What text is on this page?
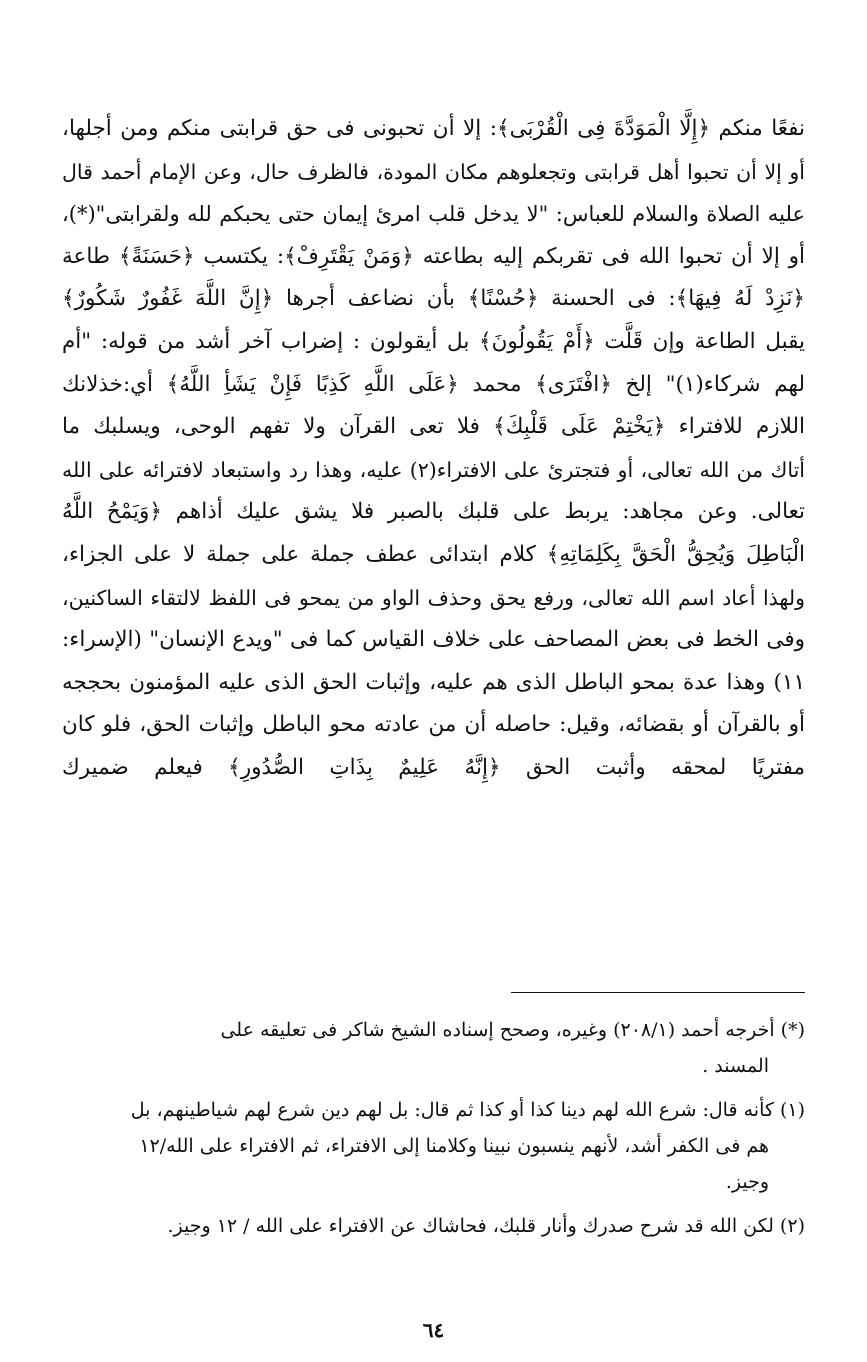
نفعًا منكم ﴿إِلَّا الْمَوَدَّةَ فِى الْقُرْبَى﴾: إلا أن تحبونى فى حق قرابتى منكم ومن أجلها،
أو إلا أن تحبوا أهل قرابتى وتجعلوهم مكان المودة، فالظرف حال، وعن الإمام أحمد قال
عليه الصلاة والسلام للعباس: "لا يدخل قلب امرئ إيمان حتى يحبكم لله ولقرابتى"(*)،
أو إلا أن تحبوا الله فى تقربكم إليه بطاعته ﴿وَمَنْ يَقْتَرِفْ﴾: يكتسب ﴿حَسَنَةً﴾ طاعة
﴿نَزِدْ لَهُ فِيهَا﴾: فى الحسنة ﴿حُسْنًا﴾ بأن نضاعف أجرها ﴿إِنَّ اللَّهَ غَفُورٌ شَكُورٌ﴾
يقبل الطاعة وإن قَلَّت ﴿أَمْ يَقُولُونَ﴾ بل أيقولون : إضراب آخر أشد من قوله: "أم
لهم شركاء(١)" إلخ ﴿افْتَرَى﴾ محمد ﴿عَلَى اللَّهِ كَذِبًا فَإِنْ يَشَأِ اللَّهُ﴾ أي:خذلانك
اللازم للافتراء ﴿يَخْتِمْ عَلَى قَلْبِكَ﴾ فلا تعى القرآن ولا تفهم الوحى، ويسلبك ما
أتاك من الله تعالى، أو فتجترئ على الافتراء(٢) عليه، وهذا رد واستبعاد لافترائه على الله
تعالى. وعن مجاهد: يربط على قلبك بالصبر فلا يشق عليك أذاهم ﴿وَيَمْحُ اللَّهُ
الْبَاطِلَ وَيُحِقُّ الْحَقَّ بِكَلِمَاتِهِ﴾ كلام ابتدائى عطف جملة على جملة لا على الجزاء،
ولهذا أعاد اسم الله تعالى، ورفع يحق وحذف الواو من يمحو فى اللفظ لالتقاء الساكنين،
وفى الخط فى بعض المصاحف على خلاف القياس كما فى "ويدع الإنسان" (الإسراء:
١١) وهذا عدة بمحو الباطل الذى هم عليه، وإثبات الحق الذى عليه المؤمنون بحججه
أو بالقرآن أو بقضائه، وقيل: حاصله أن من عادته محو الباطل وإثبات الحق، فلو كان
مفتريًا لمحقه وأثبت الحق ﴿إِنَّهُ عَلِيمٌ بِذَاتِ الصُّدُورِ﴾ فيعلم ضميرك
(*) أخرجه أحمد (٢٠٨/١) وغيره، وصحح إسناده الشيخ شاكر فى تعليقه على
المسند .
(١) كأنه قال: شرع الله لهم دينا كذا أو كذا ثم قال: بل لهم دين شرع لهم شياطينهم، بل
هم فى الكفر أشد، لأنهم ينسبون نبينا وكلامنا إلى الافتراء، ثم الافتراء على الله/١٢
وجيز.
(٢) لكن الله قد شرح صدرك وأنار قلبك، فحاشاك عن الافتراء على الله / ١٢ وجيز.
٦٤
